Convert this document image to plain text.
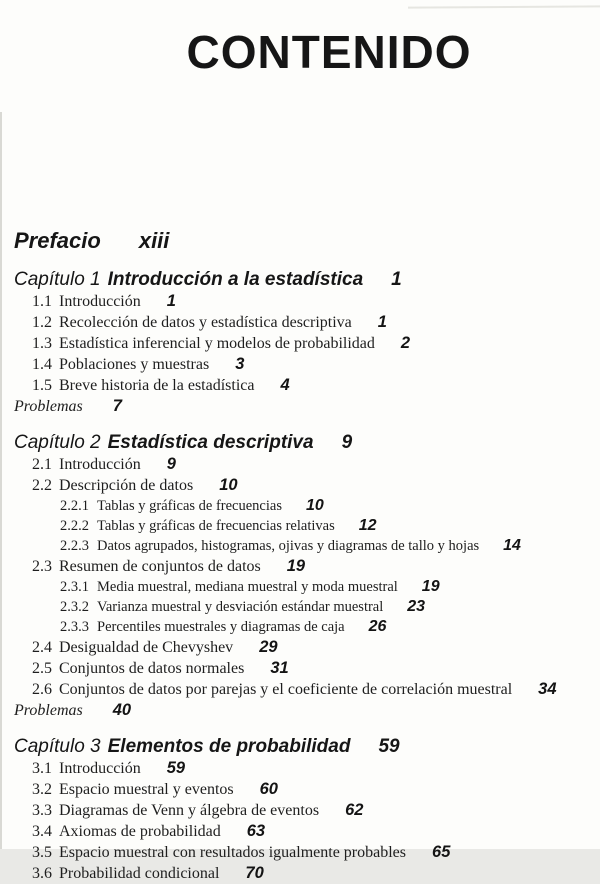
CONTENIDO
Prefacio xiii
Capítulo 1 Introducción a la estadística 1
1.1 Introducción 1
1.2 Recolección de datos y estadística descriptiva 1
1.3 Estadística inferencial y modelos de probabilidad 2
1.4 Poblaciones y muestras 3
1.5 Breve historia de la estadística 4
Problemas 7
Capítulo 2 Estadística descriptiva 9
2.1 Introducción 9
2.2 Descripción de datos 10
2.2.1 Tablas y gráficas de frecuencias 10
2.2.2 Tablas y gráficas de frecuencias relativas 12
2.2.3 Datos agrupados, histogramas, ojivas y diagramas de tallo y hojas 14
2.3 Resumen de conjuntos de datos 19
2.3.1 Media muestral, mediana muestral y moda muestral 19
2.3.2 Varianza muestral y desviación estándar muestral 23
2.3.3 Percentiles muestrales y diagramas de caja 26
2.4 Desigualdad de Chevyshev 29
2.5 Conjuntos de datos normales 31
2.6 Conjuntos de datos por parejas y el coeficiente de correlación muestral 34
Problemas 40
Capítulo 3 Elementos de probabilidad 59
3.1 Introducción 59
3.2 Espacio muestral y eventos 60
3.3 Diagramas de Venn y álgebra de eventos 62
3.4 Axiomas de probabilidad 63
3.5 Espacio muestral con resultados igualmente probables 65
3.6 Probabilidad condicional 70
